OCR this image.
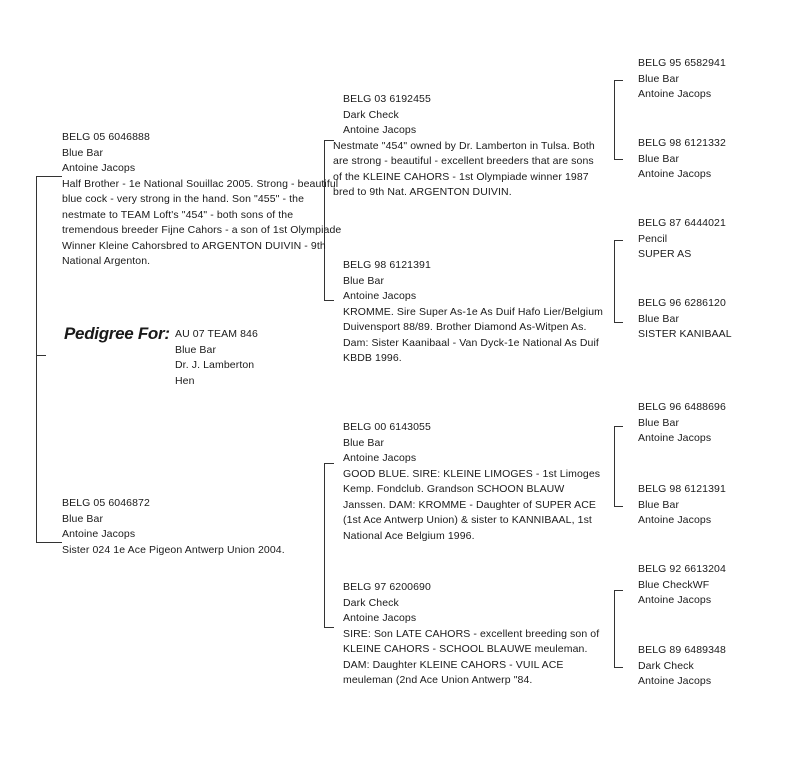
Pedigree For: AU 07 TEAM 846
Blue Bar
Dr. J. Lamberton
Hen
BELG 05 6046888
Blue Bar
Antoine Jacops
Half Brother - 1e National Souillac 2005. Strong - beautiful blue cock - very strong in the hand. Son "455" - the nestmate to TEAM Loft's "454" - both sons of the tremendous breeder Fijne Cahors - a son of 1st Olympiade Winner Kleine Cahorsbred to ARGENTON DUIVIN - 9th National Argenton.
BELG 05 6046872
Blue Bar
Antoine Jacops
Sister 024 1e Ace Pigeon Antwerp Union 2004.
BELG 03 6192455
Dark Check
Antoine Jacops
Nestmate "454" owned by Dr. Lamberton in Tulsa. Both are strong - beautiful - excellent breeders that are sons of the KLEINE CAHORS - 1st Olympiade winner 1987 bred to 9th Nat. ARGENTON DUIVIN.
BELG 98 6121391
Blue Bar
Antoine Jacops
KROMME. Sire Super As-1e As Duif Hafo Lier/Belgium Duivensport 88/89. Brother Diamond As-Witpen As. Dam: Sister Kaanibaal - Van Dyck-1e National As Duif KBDB 1996.
BELG 00 6143055
Blue Bar
Antoine Jacops
GOOD BLUE. SIRE: KLEINE LIMOGES - 1st Limoges Kemp. Fondclub. Grandson SCHOON BLAUW Janssen. DAM: KROMME - Daughter of SUPER ACE (1st Ace Antwerp Union) & sister to KANNIBAAL, 1st National Ace Belgium 1996.
BELG 97 6200690
Dark Check
Antoine Jacops
SIRE: Son LATE CAHORS - excellent breeding son of KLEINE CAHORS - SCHOOL BLAUWE meuleman. DAM: Daughter KLEINE CAHORS - VUIL ACE meuleman (2nd Ace Union Antwerp "84.
BELG 95 6582941
Blue Bar
Antoine Jacops
BELG 98 6121332
Blue Bar
Antoine Jacops
BELG 87 6444021
Pencil
SUPER AS
BELG 96 6286120
Blue Bar
SISTER KANIBAAL
BELG 96 6488696
Blue Bar
Antoine Jacops
BELG 98 6121391
Blue Bar
Antoine Jacops
BELG 92 6613204
Blue CheckWF
Antoine Jacops
BELG 89 6489348
Dark Check
Antoine Jacops
